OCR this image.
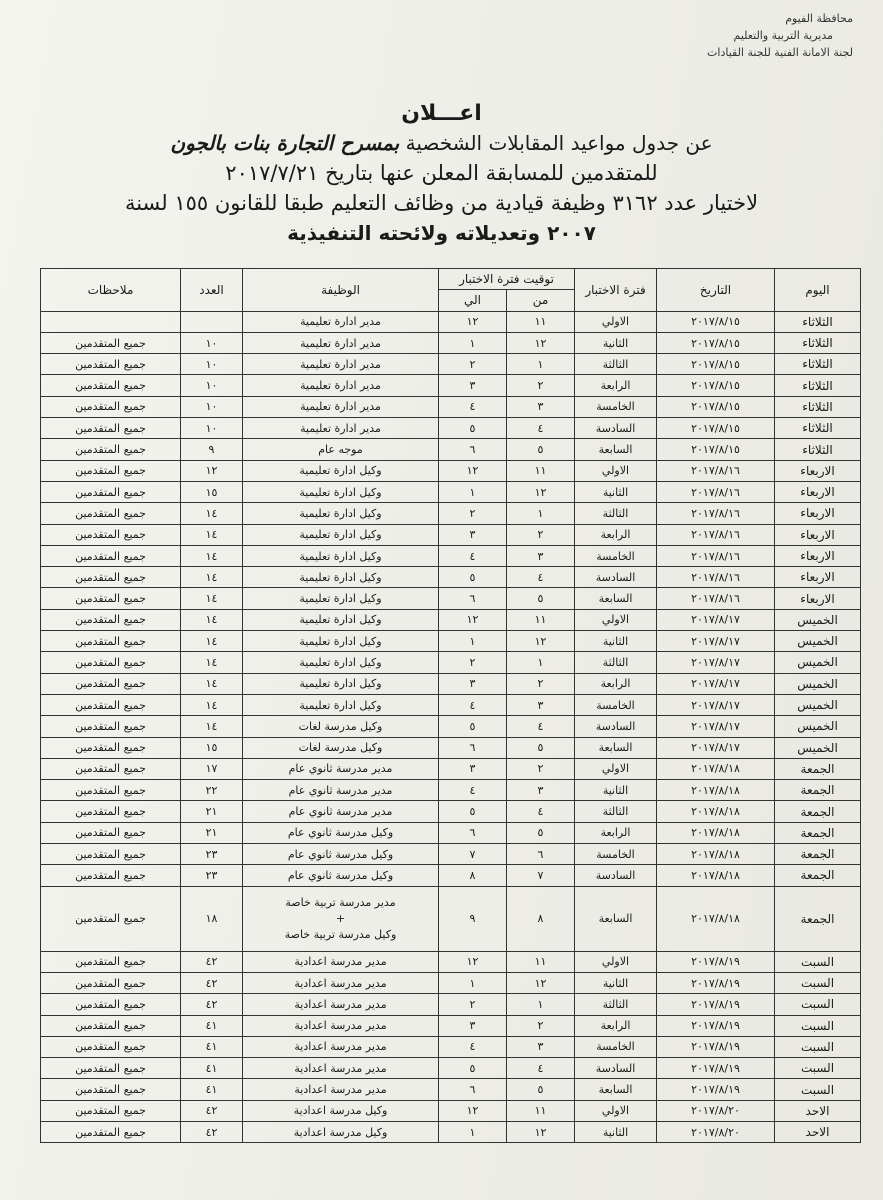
محافظة الفيوم
مديرية التربية والتعليم
لجنة الامانة الفنية للجنة القيادات
اعـــلان
عن جدول مواعيد المقابلات الشخصية بمسرح التجارة بنات بالجون
للمتقدمين للمسابقة المعلن عنها بتاريخ ٢٠١٧/٧/٢١
لاختيار عدد ٣١٦٢ وظيفة قيادية من وظائف التعليم طبقا للقانون ١٥٥ لسنة
٢٠٠٧ وتعديلاته ولائحته التنفيذية
اليوم	التاريخ	فترة الاختبار	توقيت فترة الاختبار		الوظيفة	العدد	ملاحظات
			من	الي			
الثلاثاء	٢٠١٧/٨/١٥	الاولي	١١	١٢	مدير ادارة تعليمية		
الثلاثاء	٢٠١٧/٨/١٥	الثانية	١٢	١	مدير ادارة تعليمية	١٠	جميع المتقدمين
الثلاثاء	٢٠١٧/٨/١٥	الثالثة	١	٢	مدير ادارة تعليمية	١٠	جميع المتقدمين
الثلاثاء	٢٠١٧/٨/١٥	الرابعة	٢	٣	مدير ادارة تعليمية	١٠	جميع المتقدمين
الثلاثاء	٢٠١٧/٨/١٥	الخامسة	٣	٤	مدير ادارة تعليمية	١٠	جميع المتقدمين
الثلاثاء	٢٠١٧/٨/١٥	السادسة	٤	٥	مدير ادارة تعليمية	١٠	جميع المتقدمين
الثلاثاء	٢٠١٧/٨/١٥	السابعة	٥	٦	موجه عام	٩	جميع المتقدمين
الاربعاء	٢٠١٧/٨/١٦	الاولي	١١	١٢	وكيل ادارة تعليمية	١٢	جميع المتقدمين
الاربعاء	٢٠١٧/٨/١٦	الثانية	١٢	١	وكيل ادارة تعليمية	١٥	جميع المتقدمين
الاربعاء	٢٠١٧/٨/١٦	الثالثة	١	٢	وكيل ادارة تعليمية	١٤	جميع المتقدمين
الاربعاء	٢٠١٧/٨/١٦	الرابعة	٢	٣	وكيل ادارة تعليمية	١٤	جميع المتقدمين
الاربعاء	٢٠١٧/٨/١٦	الخامسة	٣	٤	وكيل ادارة تعليمية	١٤	جميع المتقدمين
الاربعاء	٢٠١٧/٨/١٦	السادسة	٤	٥	وكيل ادارة تعليمية	١٤	جميع المتقدمين
الاربعاء	٢٠١٧/٨/١٦	السابعة	٥	٦	وكيل ادارة تعليمية	١٤	جميع المتقدمين
الخميس	٢٠١٧/٨/١٧	الاولي	١١	١٢	وكيل ادارة تعليمية	١٤	جميع المتقدمين
الخميس	٢٠١٧/٨/١٧	الثانية	١٢	١	وكيل ادارة تعليمية	١٤	جميع المتقدمين
الخميس	٢٠١٧/٨/١٧	الثالثة	١	٢	وكيل ادارة تعليمية	١٤	جميع المتقدمين
الخميس	٢٠١٧/٨/١٧	الرابعة	٢	٣	وكيل ادارة تعليمية	١٤	جميع المتقدمين
الخميس	٢٠١٧/٨/١٧	الخامسة	٣	٤	وكيل ادارة تعليمية	١٤	جميع المتقدمين
الخميس	٢٠١٧/٨/١٧	السادسة	٤	٥	وكيل مدرسة لغات	١٤	جميع المتقدمين
الخميس	٢٠١٧/٨/١٧	السابعة	٥	٦	وكيل مدرسة لغات	١٥	جميع المتقدمين
الجمعة	٢٠١٧/٨/١٨	الاولي	٢	٣	مدير مدرسة ثانوي عام	١٧	جميع المتقدمين
الجمعة	٢٠١٧/٨/١٨	الثانية	٣	٤	مدير مدرسة ثانوي عام	٢٢	جميع المتقدمين
الجمعة	٢٠١٧/٨/١٨	الثالثة	٤	٥	مدير مدرسة ثانوي عام	٢١	جميع المتقدمين
الجمعة	٢٠١٧/٨/١٨	الرابعة	٥	٦	وكيل مدرسة ثانوي عام	٢١	جميع المتقدمين
الجمعة	٢٠١٧/٨/١٨	الخامسة	٦	٧	وكيل مدرسة ثانوي عام	٢٣	جميع المتقدمين
الجمعة	٢٠١٧/٨/١٨	السادسة	٧	٨	وكيل مدرسة ثانوي عام	٢٣	جميع المتقدمين
الجمعة	٢٠١٧/٨/١٨	السابعة	٨	٩	مدير مدرسة تربية خاصة
+
وكيل مدرسة تربية خاصة	١٨	جميع المتقدمين
السبت	٢٠١٧/٨/١٩	الاولي	١١	١٢	مدير مدرسة اعدادية	٤٢	جميع المتقدمين
السبت	٢٠١٧/٨/١٩	الثانية	١٢	١	مدير مدرسة اعدادية	٤٢	جميع المتقدمين
السبت	٢٠١٧/٨/١٩	الثالثة	١	٢	مدير مدرسة اعدادية	٤٢	جميع المتقدمين
السبت	٢٠١٧/٨/١٩	الرابعة	٢	٣	مدير مدرسة اعدادية	٤١	جميع المتقدمين
السبت	٢٠١٧/٨/١٩	الخامسة	٣	٤	مدير مدرسة اعدادية	٤١	جميع المتقدمين
السبت	٢٠١٧/٨/١٩	السادسة	٤	٥	مدير مدرسة اعدادية	٤١	جميع المتقدمين
السبت	٢٠١٧/٨/١٩	السابعة	٥	٦	مدير مدرسة اعدادية	٤١	جميع المتقدمين
الاحد	٢٠١٧/٨/٢٠	الاولي	١١	١٢	وكيل مدرسة اعدادية	٤٢	جميع المتقدمين
الاحد	٢٠١٧/٨/٢٠	الثانية	١٢	١	وكيل مدرسة اعدادية	٤٢	جميع المتقدمين
